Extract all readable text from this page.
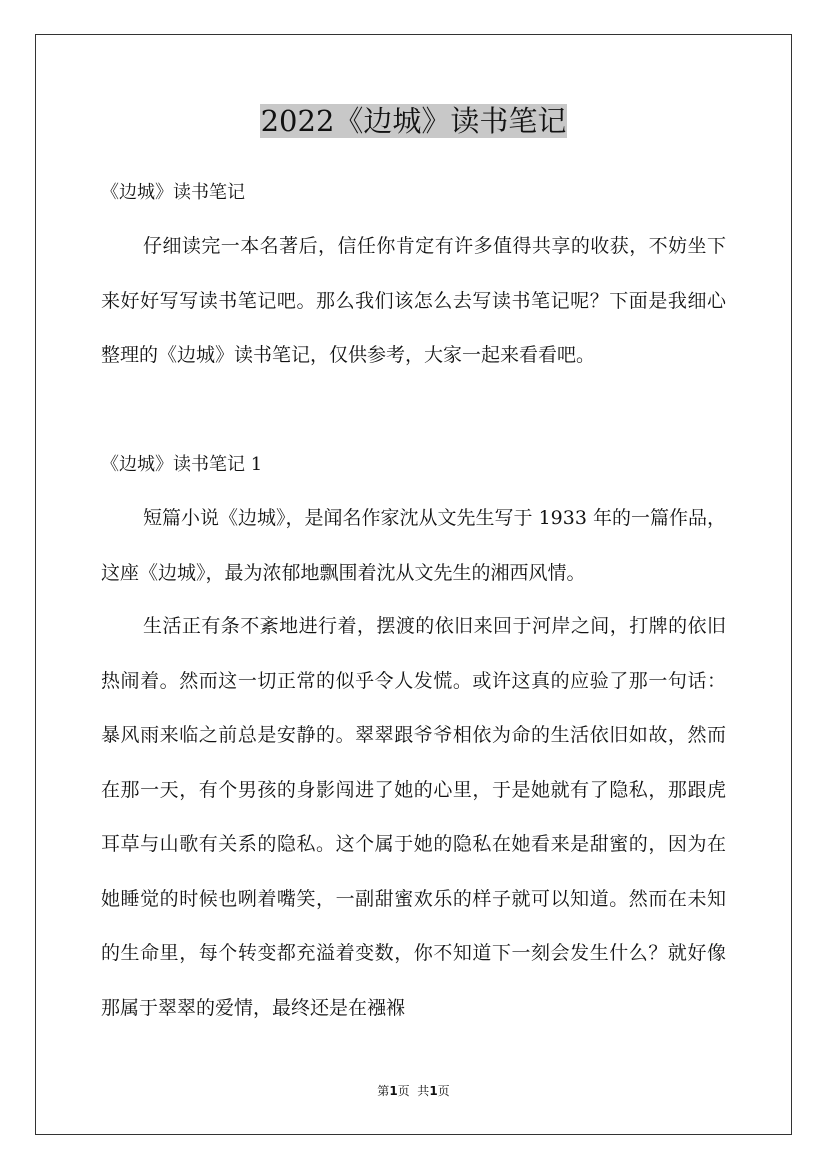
2022《边城》读书笔记
《边城》读书笔记

仔细读完一本名著后，信任你肯定有许多值得共享的收获，不妨坐下来好好写写读书笔记吧。那么我们该怎么去写读书笔记呢？下面是我细心整理的《边城》读书笔记，仅供参考，大家一起来看看吧。

《边城》读书笔记 1

短篇小说《边城》，是闻名作家沈从文先生写于 1933 年的一篇作品，这座《边城》，最为浓郁地飘围着沈从文先生的湘西风情。

生活正有条不紊地进行着，摆渡的依旧来回于河岸之间，打牌的依旧热闹着。然而这一切正常的似乎令人发慌。或许这真的应验了那一句话：暴风雨来临之前总是安静的。翠翠跟爷爷相依为命的生活依旧如故，然而在那一天，有个男孩的身影闯进了她的心里，于是她就有了隐私，那跟虎耳草与山歌有关系的隐私。这个属于她的隐私在她看来是甜蜜的，因为在她睡觉的时候也咧着嘴笑，一副甜蜜欢乐的样子就可以知道。然而在未知的生命里，每个转变都充溢着变数，你不知道下一刻会发生什么？就好像那属于翠翠的爱情，最终还是在襁褓

第1页  共1页
